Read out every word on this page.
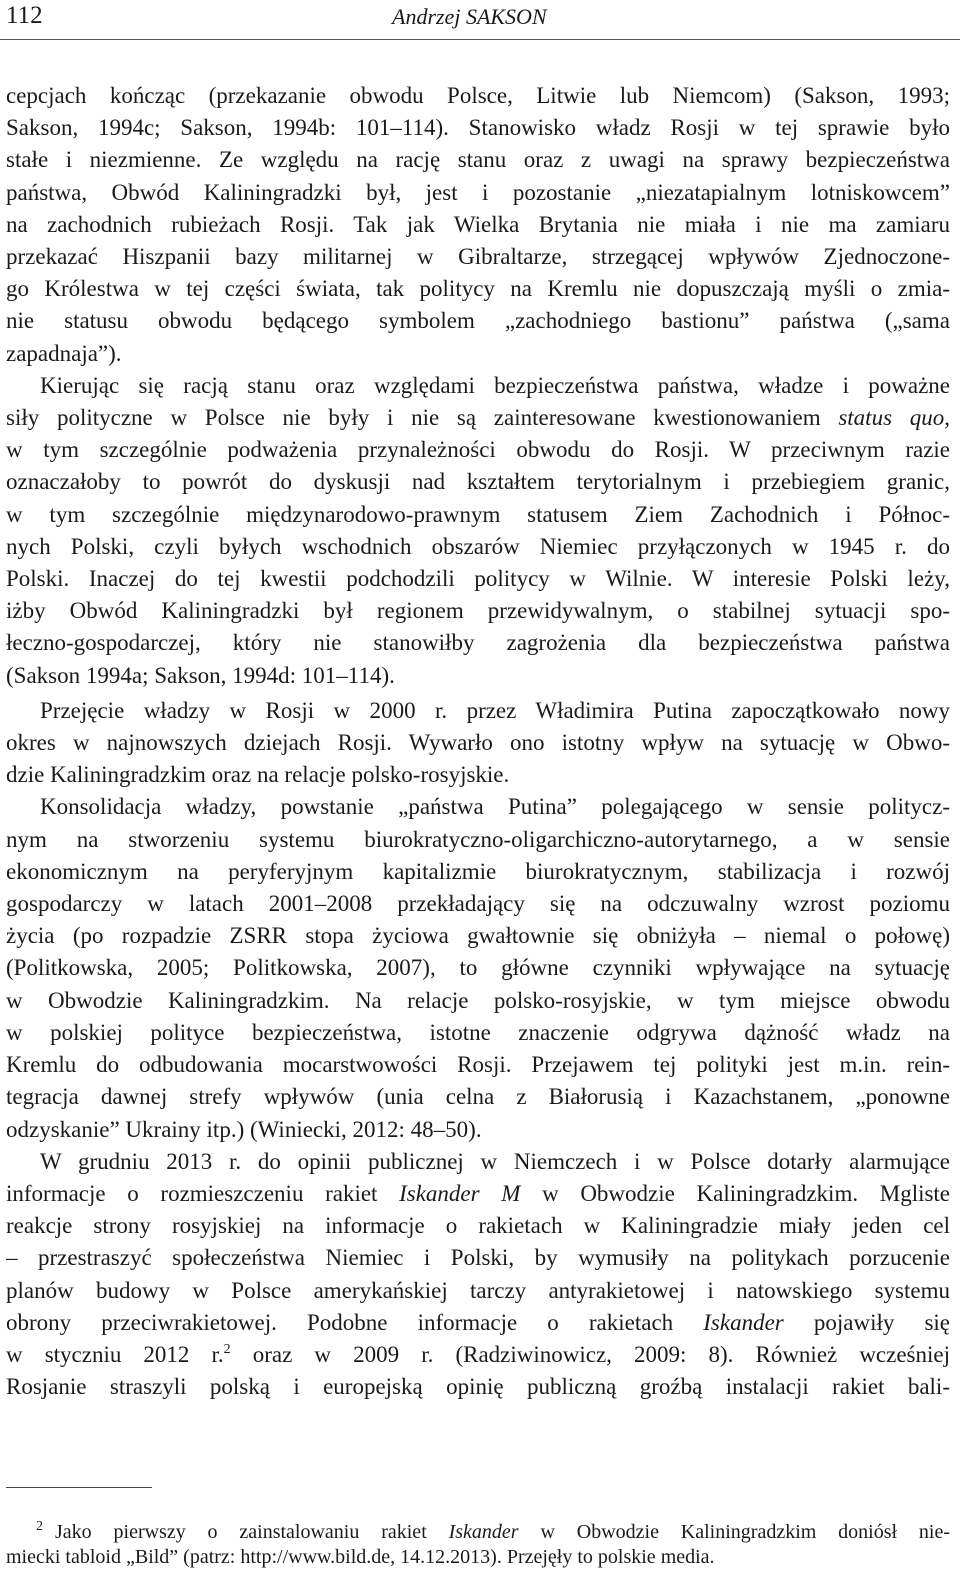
112	Andrzej SAKSON
cepcjach kończąc (przekazanie obwodu Polsce, Litwie lub Niemcom) (Sakson, 1993;
Sakson, 1994c; Sakson, 1994b: 101–114). Stanowisko władz Rosji w tej sprawie było
stałe i niezmienne. Ze względu na rację stanu oraz z uwagi na sprawy bezpieczeństwa
państwa, Obwód Kaliningradzki był, jest i pozostanie „niezatapialnym lotniskowcem”
na zachodnich rubieżach Rosji. Tak jak Wielka Brytania nie miała i nie ma zamiaru
przekazać Hiszpanii bazy militarnej w Gibraltarze, strzegącej wpływów Zjednoczone-
go Królestwa w tej części świata, tak politycy na Kremlu nie dopuszczają myśli o zmia-
nie statusu obwodu będącego symbolem „zachodniego bastionu” państwa („sama
zapadnaja”).
Kierując się racją stanu oraz względami bezpieczeństwa państwa, władze i poważne
siły polityczne w Polsce nie były i nie są zainteresowane kwestionowaniem status quo,
w tym szczególnie podważenia przynależności obwodu do Rosji. W przeciwnym razie
oznaczałoby to powrót do dyskusji nad kształtem terytorialnym i przebiegiem granic,
w tym szczególnie międzynarodowo-prawnym statusem Ziem Zachodnich i Północ-
nych Polski, czyli byłych wschodnich obszarów Niemiec przyłączonych w 1945 r. do
Polski. Inaczej do tej kwestii podchodzili politycy w Wilnie. W interesie Polski leży,
iżby Obwód Kaliningradzki był regionem przewidywalnym, o stabilnej sytuacji spo-
łeczno-gospodarczej, który nie stanowiłby zagrożenia dla bezpieczeństwa państwa
(Sakson 1994a; Sakson, 1994d: 101–114).
Przejęcie władzy w Rosji w 2000 r. przez Władimira Putina zapoczątkowało nowy
okres w najnowszych dziejach Rosji. Wywarło ono istotny wpływ na sytuację w Obwo-
dzie Kaliningradzkim oraz na relacje polsko-rosyjskie.
Konsolidacja władzy, powstanie „państwa Putina” polegającego w sensie politycz-
nym na stworzeniu systemu biurokratyczno-oligarchiczno-autorytarnego, a w sensie
ekonomicznym na peryferyjnym kapitalizmie biurokratycznym, stabilizacja i rozwój
gospodarczy w latach 2001–2008 przekładający się na odczuwalny wzrost poziomu
życia (po rozpadzie ZSRR stopa życiowa gwałtownie się obniżyła – niemal o połowę)
(Politkowska, 2005; Politkowska, 2007), to główne czynniki wpływające na sytuację
w Obwodzie Kaliningradzkim. Na relacje polsko-rosyjskie, w tym miejsce obwodu
w polskiej polityce bezpieczeństwa, istotne znaczenie odgrywa dążność władz na
Kremlu do odbudowania mocarstwowości Rosji. Przejawem tej polityki jest m.in. rein-
tegracja dawnej strefy wpływów (unia celna z Białorusią i Kazachstanem, „ponowne
odzyskanie” Ukrainy itp.) (Winiecki, 2012: 48–50).
W grudniu 2013 r. do opinii publicznej w Niemczech i w Polsce dotarły alarmujące
informacje o rozmieszczeniu rakiet Iskander M w Obwodzie Kaliningradzkim. Mgliste
reakcje strony rosyjskiej na informacje o rakietach w Kaliningradzie miały jeden cel
– przestraszyć społeczeństwa Niemiec i Polski, by wymusiły na politykach porzucenie
planów budowy w Polsce amerykańskiej tarczy antyrakietowej i natowskiego systemu
obrony przeciwrakietowej. Podobne informacje o rakietach Iskander pojawiły się
w styczniu 2012 r.$^2$ oraz w 2009 r. (Radziwinowicz, 2009: 8). Również wcześniej
Rosjanie straszyli polską i europejską opinię publiczną groźbą instalacji rakiet bali-
$^2$ Jako pierwszy o zainstalowaniu rakiet Iskander w Obwodzie Kaliningradzkim doniósł nie-
miecki tabloid „Bild” (patrz: http://www.bild.de, 14.12.2013). Przejęły to polskie media.
